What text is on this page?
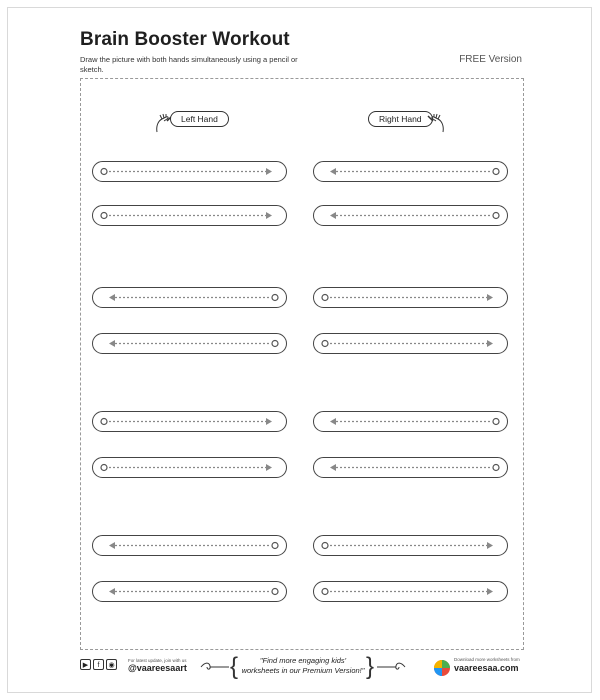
Brain Booster Workout
Draw the picture with both hands simultaneously using a pencil or sketch.
FREE Version
Left Hand	Right Hand
▶	f	◉
For latest update, join with us
@vaareesaart {	"Find more engaging kids' worksheets in our Premium Version!" }	Download more worksheets from
vaareesaa.com
